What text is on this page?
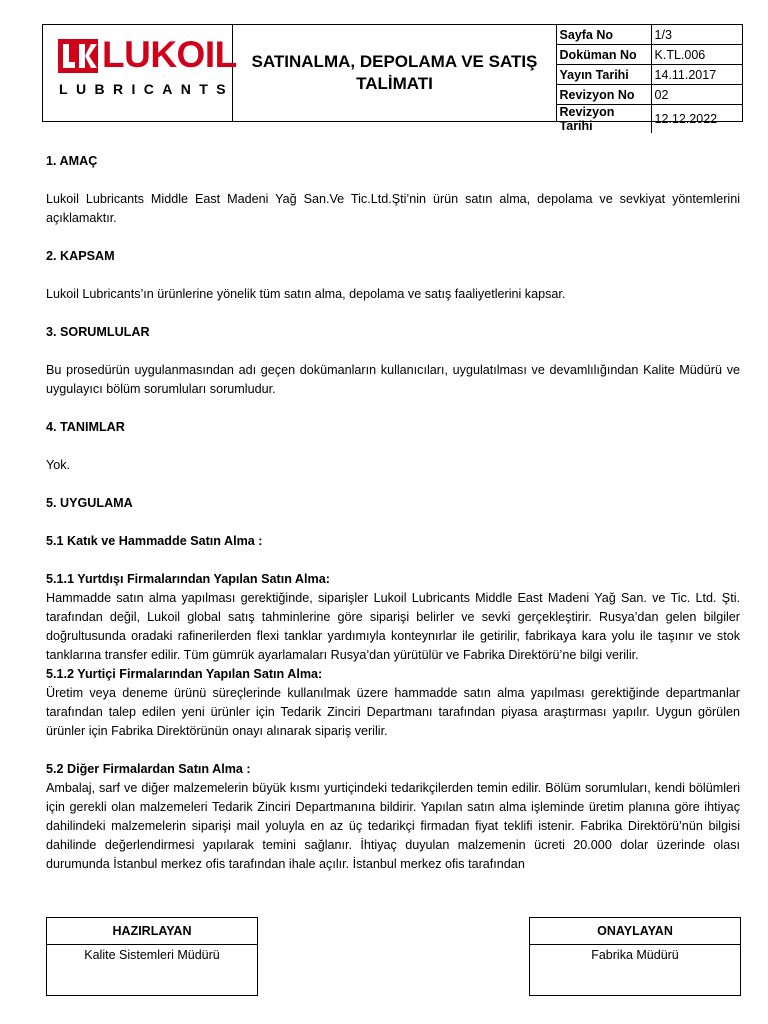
LUKOIL
LUBRICANTS
SATINALMA, DEPOLAMA VE SATIŞ TALİMATI
Sayfa No	1/3
Doküman No	K.TL.006
Yayın Tarihi	14.11.2017
Revizyon No	02
Revizyon Tarihi	12.12.2022
1. AMAÇ

Lukoil Lubricants Middle East Madeni Yağ San.Ve Tic.Ltd.Şti’nin ürün satın alma, depolama ve sevkiyat yöntemlerini açıklamaktır.

2. KAPSAM

Lukoil Lubricants’ın ürünlerine yönelik tüm satın alma, depolama ve satış faaliyetlerini kapsar.

3. SORUMLULAR

Bu prosedürün uygulanmasından adı geçen dokümanların kullanıcıları, uygulatılması ve devamlılığından Kalite Müdürü ve uygulayıcı bölüm sorumluları sorumludur.

4. TANIMLAR

Yok.

5. UYGULAMA
5.1 Katık ve Hammadde Satın Alma :
5.1.1 Yurtdışı Firmalarından Yapılan Satın Alma:

Hammadde satın alma yapılması gerektiğinde, siparişler Lukoil Lubricants Middle East Madeni Yağ San. ve Tic. Ltd. Şti. tarafından değil, Lukoil global satış tahminlerine göre siparişi belirler ve sevki gerçekleştirir. Rusya’dan gelen bilgiler doğrultusunda oradaki rafinerilerden flexi tanklar yardımıyla konteynırlar ile getirilir, fabrikaya kara yolu ile taşınır ve stok tanklarına transfer edilir. Tüm gümrük ayarlamaları Rusya’dan yürütülür ve Fabrika Direktörü’ne bilgi verilir.

5.1.2 Yurtiçi Firmalarından Yapılan Satın Alma:

Üretim veya deneme ürünü süreçlerinde kullanılmak üzere hammadde satın alma yapılması gerektiğinde departmanlar tarafından talep edilen yeni ürünler için Tedarik Zinciri Departmanı tarafından piyasa araştırması yapılır. Uygun görülen ürünler için Fabrika Direktörünün onayı alınarak sipariş verilir.

5.2 Diğer Firmalardan Satın Alma :

Ambalaj, sarf ve diğer malzemelerin büyük kısmı yurtiçindeki tedarikçilerden temin edilir. Bölüm sorumluları, kendi bölümleri için gerekli olan malzemeleri Tedarik Zinciri Departmanına bildirir. Yapılan satın alma işleminde üretim planına göre ihtiyaç dahilindeki malzemelerin siparişi mail yoluyla en az üç tedarikçi firmadan fiyat teklifi istenir. Fabrika Direktörü’nün bilgisi dahilinde değerlendirmesi yapılarak temini sağlanır. İhtiyaç duyulan malzemenin ücreti 20.000 dolar üzerinde olası durumunda İstanbul merkez ofis tarafından ihale açılır. İstanbul merkez ofis tarafından

HAZIRLAYAN
Kalite Sistemleri Müdürü
ONAYLAYAN
Fabrika Müdürü
